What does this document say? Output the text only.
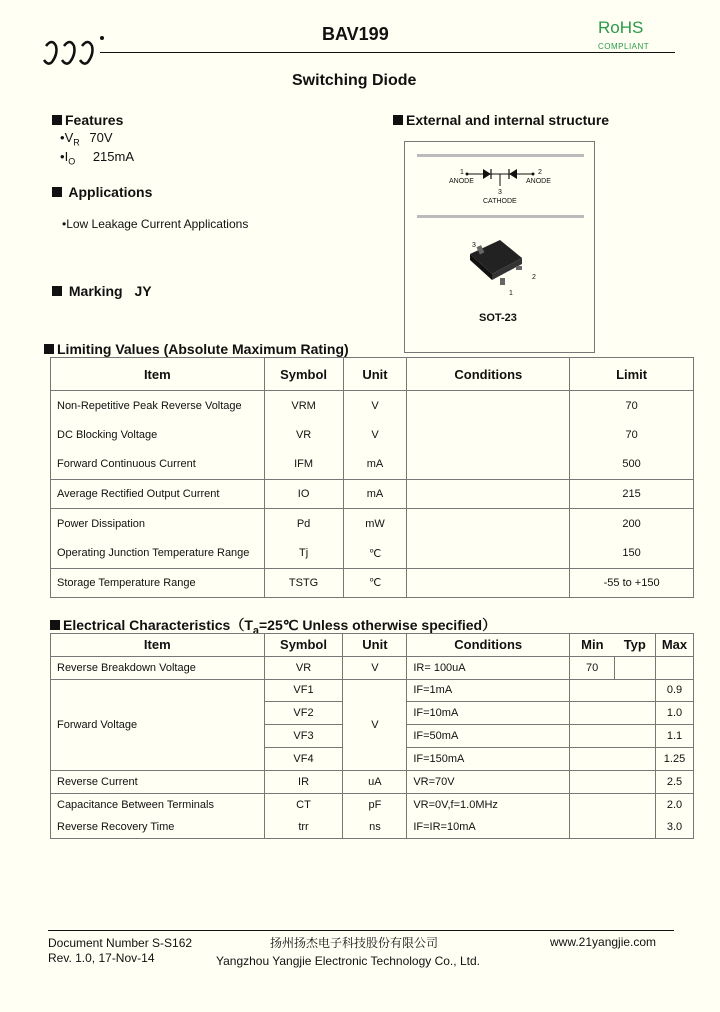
BAV199	RoHS
COMPLIANT
Switching Diode
Features
$•V_R$ 70V
$•I_O$ 215mA
Applications
•Low Leakage Current Applications
Marking JY
External and internal structure
1	2
ANODE	ANODE
3
CATHODE
3
2
1
SOT-23
Limiting Values (Absolute Maximum Rating)
Item	Symbol	Unit	Conditions	Limit
Non-Repetitive Peak Reverse Voltage	VRM	V		70
DC Blocking Voltage	VR	V		70
Forward Continuous Current	IFM	mA		500
Average Rectified Output Current	IO	mA		215
Power Dissipation	Pd	mW		200
Operating Junction Temperature Range	Tj	℃		150
Storage Temperature Range	TSTG	℃		-55 to +150
Electrical $Characteristics(T_a=25℃$ Unless otherwise specified）
Item	Symbol	Unit	Conditions	Min	Typ	Max
Reverse Breakdown Voltage	VR	V	IR= 100uA	70		
Forward Voltage	VF1	V	IF=1mA			0.9
	VF2		IF=10mA			1.0
	VF3		IF=50mA			1.1
	VF4		IF=150mA			1.25
Reverse Current	IR	uA	VR=70V			2.5
Capacitance Between Terminals	CT	pF	VR=0V,f=1.0MHz			2.0
Reverse Recovery Time	trr	ns	IF=IR=10mA			3.0
Document Number S-S162
Rev. 1.0, 17-Nov-14
扬州扬杰电子科技股份有限公司
Yangzhou Yangjie Electronic Technology Co., Ltd.
www.21yangjie.com
